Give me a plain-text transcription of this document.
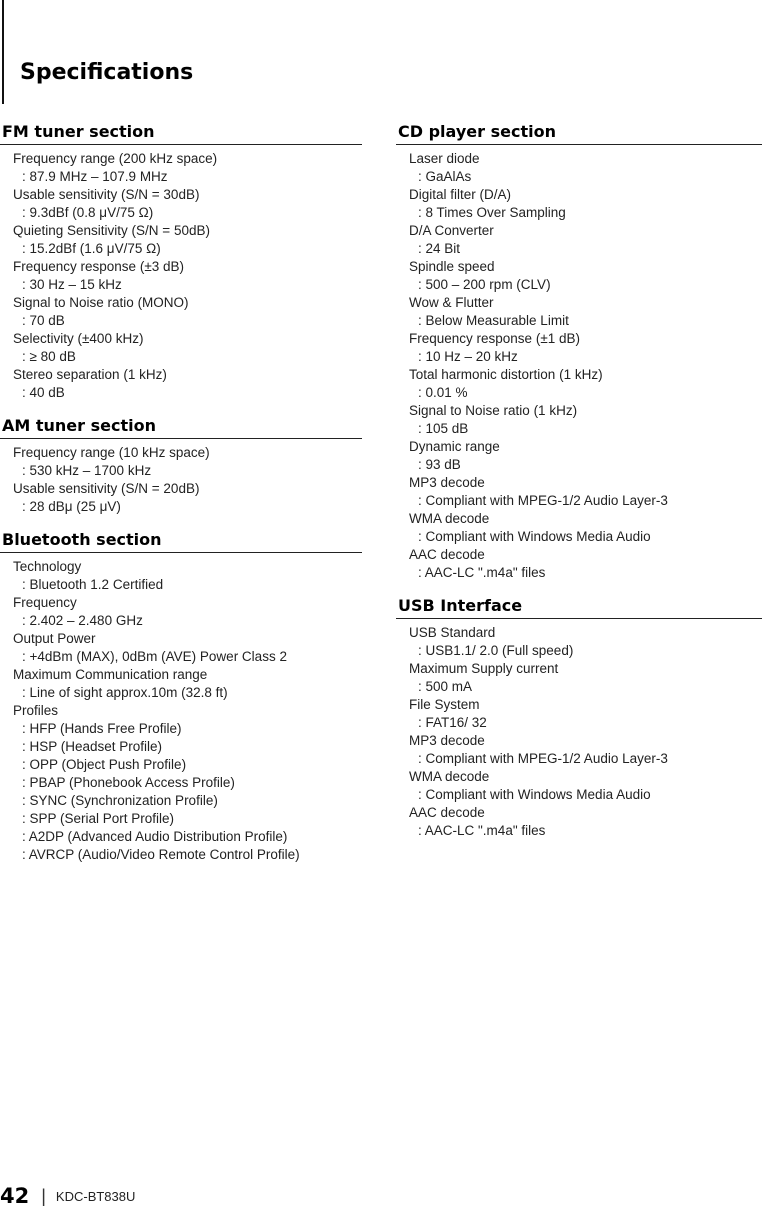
Specifications
FM tuner section
Frequency range (200 kHz space)
: 87.9 MHz – 107.9 MHz
Usable sensitivity (S/N = 30dB)
: 9.3dBf (0.8 μV/75 Ω)
Quieting Sensitivity (S/N = 50dB)
: 15.2dBf (1.6 μV/75 Ω)
Frequency response (±3 dB)
: 30 Hz – 15 kHz
Signal to Noise ratio (MONO)
: 70 dB
Selectivity (±400 kHz)
: ≥ 80 dB
Stereo separation (1 kHz)
: 40 dB
AM tuner section
Frequency range (10 kHz space)
: 530 kHz – 1700 kHz
Usable sensitivity (S/N = 20dB)
: 28 dBμ (25 μV)
Bluetooth section
Technology
: Bluetooth 1.2 Certified
Frequency
: 2.402 – 2.480 GHz
Output Power
: +4dBm (MAX), 0dBm (AVE) Power Class 2
Maximum Communication range
: Line of sight approx.10m (32.8 ft)
Profiles
: HFP (Hands Free Profile)
: HSP (Headset Profile)
: OPP (Object Push Profile)
: PBAP (Phonebook Access Profile)
: SYNC (Synchronization Profile)
: SPP (Serial Port Profile)
: A2DP (Advanced Audio Distribution Profile)
: AVRCP (Audio/Video Remote Control Profile)
CD player section
Laser diode
: GaAlAs
Digital filter (D/A)
: 8 Times Over Sampling
D/A Converter
: 24 Bit
Spindle speed
: 500 – 200 rpm (CLV)
Wow & Flutter
: Below Measurable Limit
Frequency response (±1 dB)
: 10 Hz – 20 kHz
Total harmonic distortion (1 kHz)
: 0.01 %
Signal to Noise ratio (1 kHz)
: 105 dB
Dynamic range
: 93 dB
MP3 decode
: Compliant with MPEG-1/2 Audio Layer-3
WMA decode
: Compliant with Windows Media Audio
AAC decode
: AAC-LC ".m4a" files
USB Interface
USB Standard
: USB1.1/ 2.0 (Full speed)
Maximum Supply current
: 500 mA
File System
: FAT16/ 32
MP3 decode
: Compliant with MPEG-1/2 Audio Layer-3
WMA decode
: Compliant with Windows Media Audio
AAC decode
: AAC-LC ".m4a" files
42 | KDC-BT838U
